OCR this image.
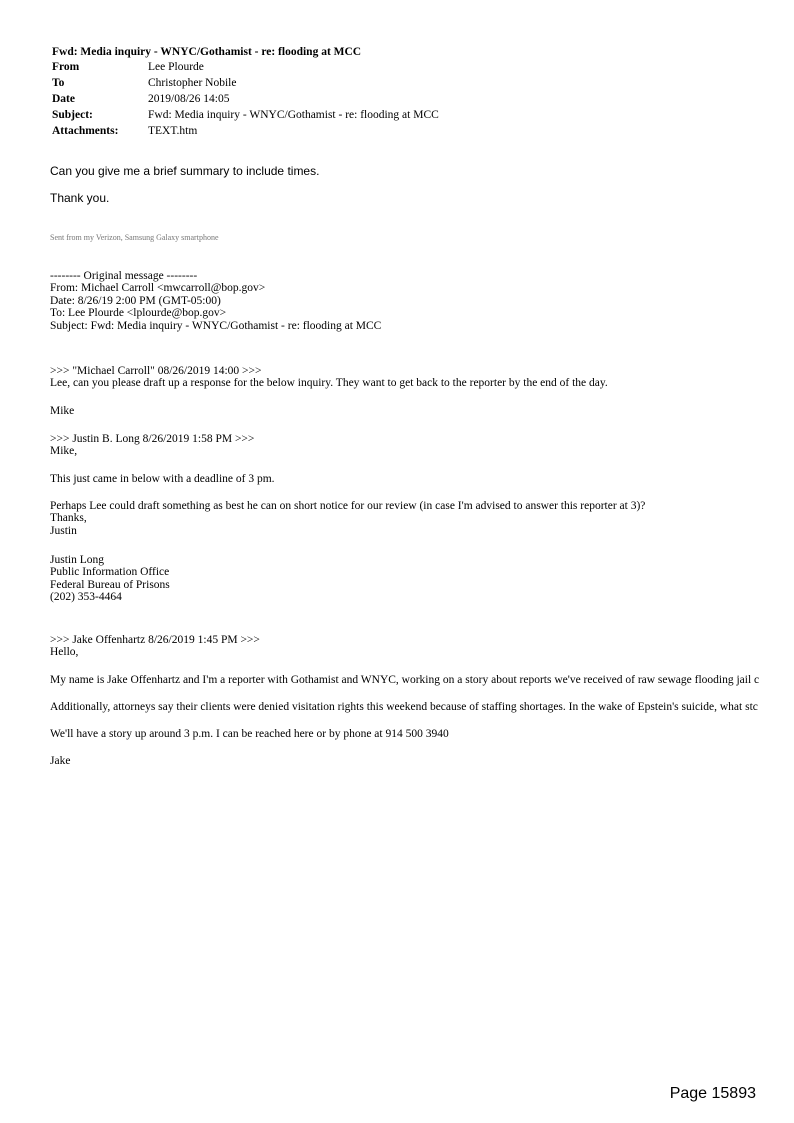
Fwd: Media inquiry - WNYC/Gothamist - re: flooding at MCC
From	Lee Plourde
To	Christopher Nobile
Date	2019/08/26 14:05
Subject:	Fwd: Media inquiry - WNYC/Gothamist - re: flooding at MCC
Attachments:	TEXT.htm
Can you give me a brief summary to include times.
Thank you.
Sent from my Verizon, Samsung Galaxy smartphone
-------- Original message --------
From: Michael Carroll <mwcarroll@bop.gov>
Date: 8/26/19 2:00 PM (GMT-05:00)
To: Lee Plourde <lplourde@bop.gov>
Subject: Fwd: Media inquiry - WNYC/Gothamist - re: flooding at MCC
>>> "Michael Carroll" 08/26/2019 14:00 >>>
Lee, can you please draft up a response for the below inquiry. They want to get back to the reporter by the end of the day.
Mike
>>> Justin B. Long 8/26/2019 1:58 PM >>>
Mike,
This just came in below with a deadline of 3 pm.
Perhaps Lee could draft something as best he can on short notice for our review (in case I'm advised to answer this reporter at 3)?
Thanks,
Justin
Justin Long
Public Information Office
Federal Bureau of Prisons
(202) 353-4464
>>> Jake Offenhartz 8/26/2019 1:45 PM >>>
Hello,
My name is Jake Offenhartz and I'm a reporter with Gothamist and WNYC, working on a story about reports we've received of raw sewage flooding jail c
Additionally, attorneys say their clients were denied visitation rights this weekend because of staffing shortages. In the wake of Epstein's suicide, what stc
We'll have a story up around 3 p.m. I can be reached here or by phone at 914 500 3940
Jake
Page 15893
